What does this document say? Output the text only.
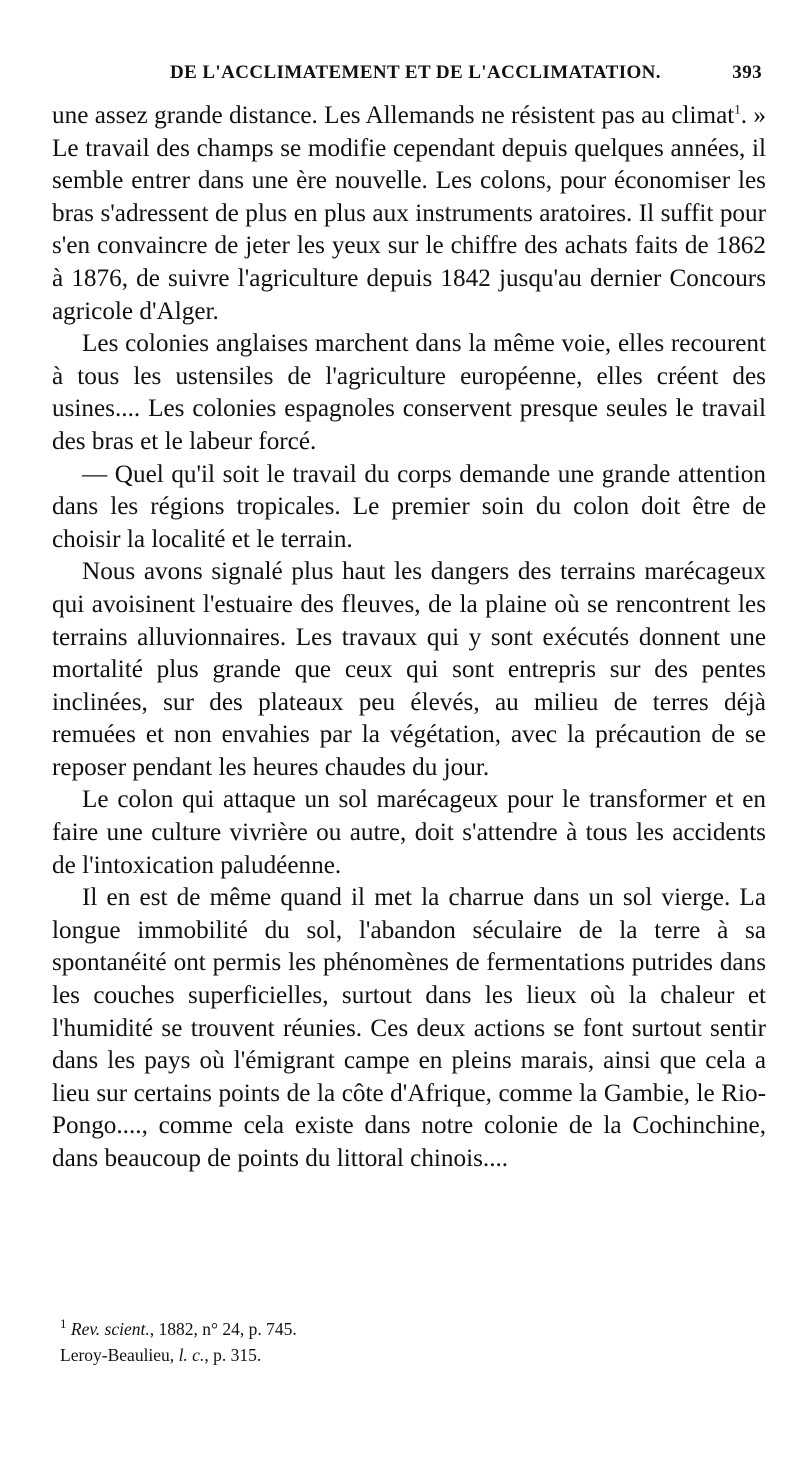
DE L'ACCLIMATEMENT ET DE L'ACCLIMATATION.	393

une assez grande distance. Les Allemands ne résistent pas au climat$^1$. » Le travail des champs se modifie cependant depuis quelques années, il semble entrer dans une ère nouvelle. Les colons, pour économiser les bras s'adressent de plus en plus aux instruments aratoires. Il suffit pour s'en convaincre de jeter les yeux sur le chiffre des achats faits de 1862 à 1876, de suivre l'agriculture depuis 1842 jusqu'au dernier Concours agricole d'Alger.

Les colonies anglaises marchent dans la même voie, elles recourent à tous les ustensiles de l'agriculture européenne, elles créent des usines.... Les colonies espagnoles conservent presque seules le travail des bras et le labeur forcé.

— Quel qu'il soit le travail du corps demande une grande attention dans les régions tropicales. Le premier soin du colon doit être de choisir la localité et le terrain.

Nous avons signalé plus haut les dangers des terrains marécageux qui avoisinent l'estuaire des fleuves, de la plaine où se rencontrent les terrains alluvionnaires. Les travaux qui y sont exécutés donnent une mortalité plus grande que ceux qui sont entrepris sur des pentes inclinées, sur des plateaux peu élevés, au milieu de terres déjà remuées et non envahies par la végétation, avec la précaution de se reposer pendant les heures chaudes du jour.

Le colon qui attaque un sol marécageux pour le transformer et en faire une culture vivrière ou autre, doit s'attendre à tous les accidents de l'intoxication paludéenne.

Il en est de même quand il met la charrue dans un sol vierge. La longue immobilité du sol, l'abandon séculaire de la terre à sa spontanéité ont permis les phénomènes de fermentations putrides dans les couches superficielles, surtout dans les lieux où la chaleur et l'humidité se trouvent réunies. Ces deux actions se font surtout sentir dans les pays où l'émigrant campe en pleins marais, ainsi que cela a lieu sur certains points de la côte d'Afrique, comme la Gambie, le Rio-Pongo...., comme cela existe dans notre colonie de la Cochinchine, dans beaucoup de points du littoral chinois....

$^1$ Rev. scient., 1882, n° 24, p. 745.

Leroy-Beaulieu, l. c., p. 315.
